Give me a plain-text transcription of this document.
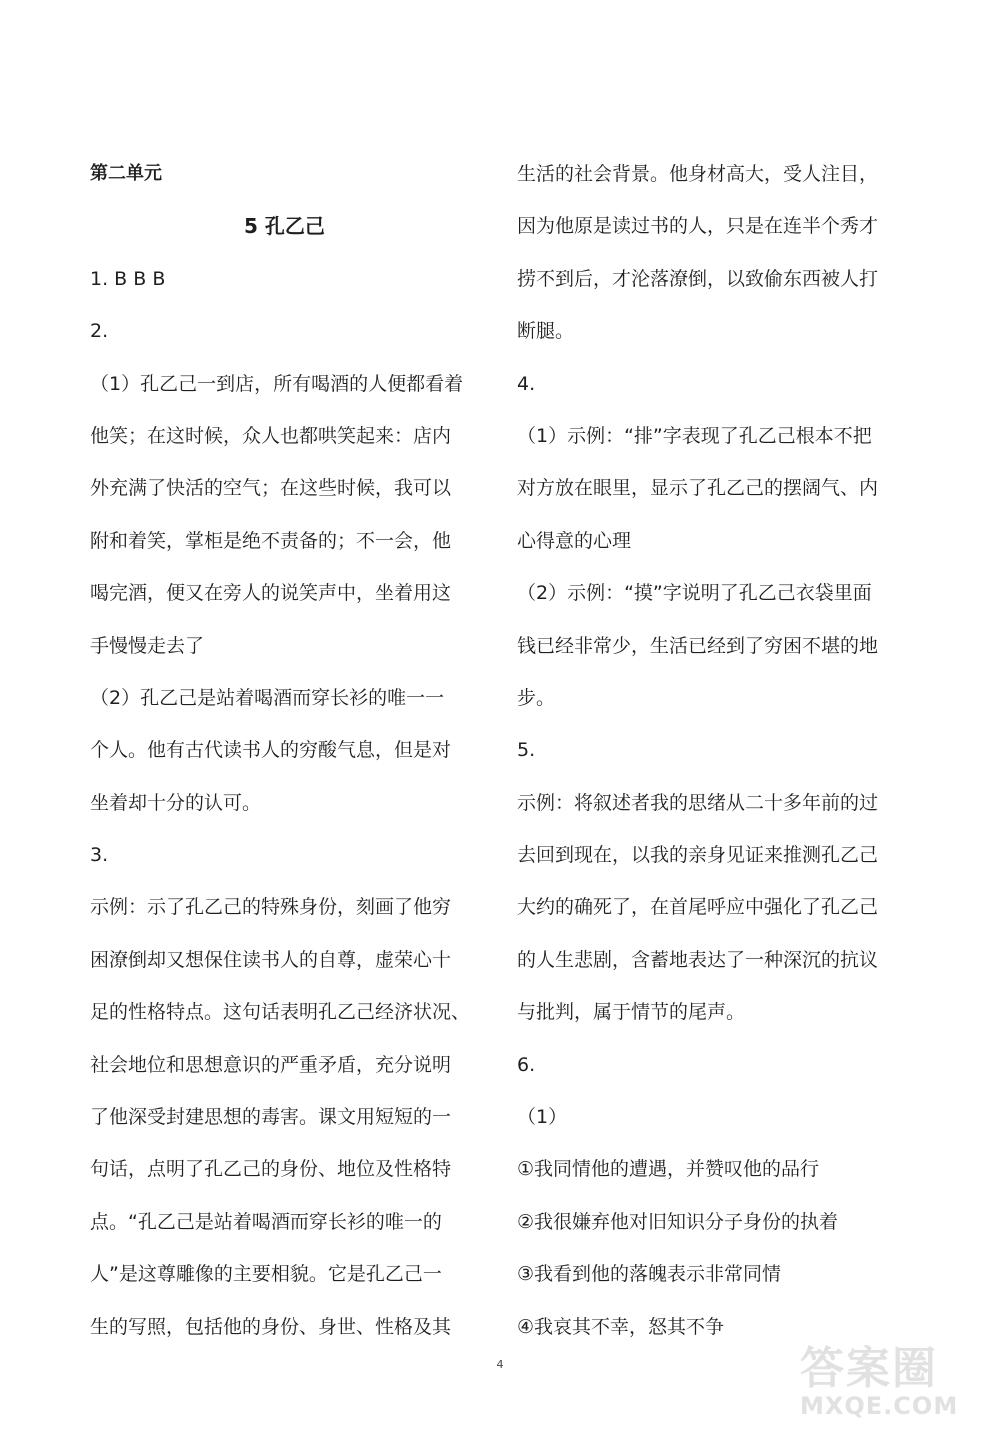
第二单元
5 孔乙己
1. B B B
2.
（1）孔乙己一到店，所有喝酒的人便都看着
他笑；在这时候，众人也都哄笑起来：店内
外充满了快活的空气；在这些时候，我可以
附和着笑，掌柜是绝不责备的；不一会，他
喝完酒，便又在旁人的说笑声中，坐着用这
手慢慢走去了
（2）孔乙己是站着喝酒而穿长衫的唯一一
个人。他有古代读书人的穷酸气息，但是对
坐着却十分的认可。
3.
示例：示了孔乙己的特殊身份，刻画了他穷
困潦倒却又想保住读书人的自尊，虚荣心十
足的性格特点。这句话表明孔乙己经济状况、
社会地位和思想意识的严重矛盾，充分说明
了他深受封建思想的毒害。课文用短短的一
句话，点明了孔乙己的身份、地位及性格特
点。“孔乙己是站着喝酒而穿长衫的唯一的
人”是这尊雕像的主要相貌。它是孔乙己一
生的写照，包括他的身份、身世、性格及其
生活的社会背景。他身材高大，受人注目，
因为他原是读过书的人，只是在连半个秀才
捞不到后，才沦落潦倒，以致偷东西被人打
断腿。
4.
（1）示例：“排”字表现了孔乙己根本不把
对方放在眼里，显示了孔乙己的摆阔气、内
心得意的心理
（2）示例：“摸”字说明了孔乙己衣袋里面
钱已经非常少，生活已经到了穷困不堪的地
步。
5.
示例：将叙述者我的思绪从二十多年前的过
去回到现在，以我的亲身见证来推测孔乙己
大约的确死了，在首尾呼应中强化了孔乙己
的人生悲剧，含蓄地表达了一种深沉的抗议
与批判，属于情节的尾声。
6.
（1）
①我同情他的遭遇，并赞叹他的品行
②我很嫌弃他对旧知识分子身份的执着
③我看到他的落魄表示非常同情
④我哀其不幸，怒其不争
4	答案圈
MXQE.COM
